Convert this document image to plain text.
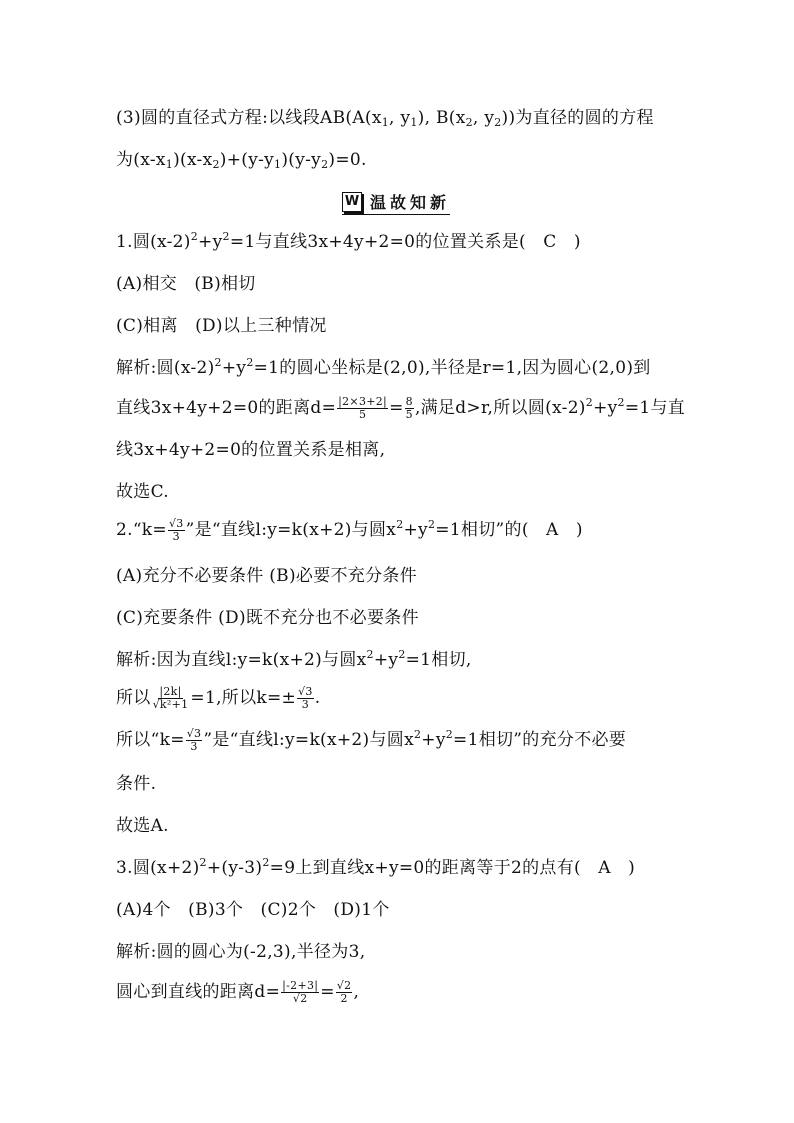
(3)圆的直径式方程:以线段$AB(A(x_1$, $y_1$), $B(x_2$, $y_2$))为直径的圆的方程
为$(x-x_1)(x-x_2)+(y-y_1)(y-y_2)=0$.
W 温故知新
1.圆$(x-2)^2+y^2=1$与直线3x+4y+2=0的位置关系是(　C　)
(A)相交　(B)相切
(C)相离　(D)以上三种情况
解析:圆$(x-2)^2+y^2=1$的圆心坐标是(2,0),半径是r=1,因为圆心(2,0)到
直线3x+4y+2=0的距离$d= \frac{|2\times 3+2|}{5} = \frac{8}{5}$ ,满足d>r,所以圆$(x-2)^2+y^2=1$与直
线3x+4y+2=0的位置关系是相离,
故选C.
2.“k= $\frac{√3}{3}$ ”是“直线l:y=k(x+2)与圆$x^2+y^2=1$相切”的(　A　)
(A)充分不必要条件 (B)必要不充分条件
(C)充要条件 (D)既不充分也不必要条件
解析:因为直线l:y=k(x+2)与圆$x^2+y^2=1$相切,
所以 $\frac{|2k|}{\text{√k²+1}} =1$,所以$k=\pm \frac{√3}{3}$ .
所以“$k= \frac{√3}{3}$ ”是“直线l:y=k(x+2)与圆$x^2+y^2=1$相切”的充分不必要
条件.
故选A.
3.圆$(x+2)^2+(y-3)^2=9$上到直线x+y=0的距离等于2的点有(　A　)
(A)4个　(B)3个　(C)2个　(D)1个
解析:圆的圆心为(-2,3),半径为3,
圆心到直线的距离$d= \frac{|-2+3|}{√2} = \frac{√2}{2}$ ,
